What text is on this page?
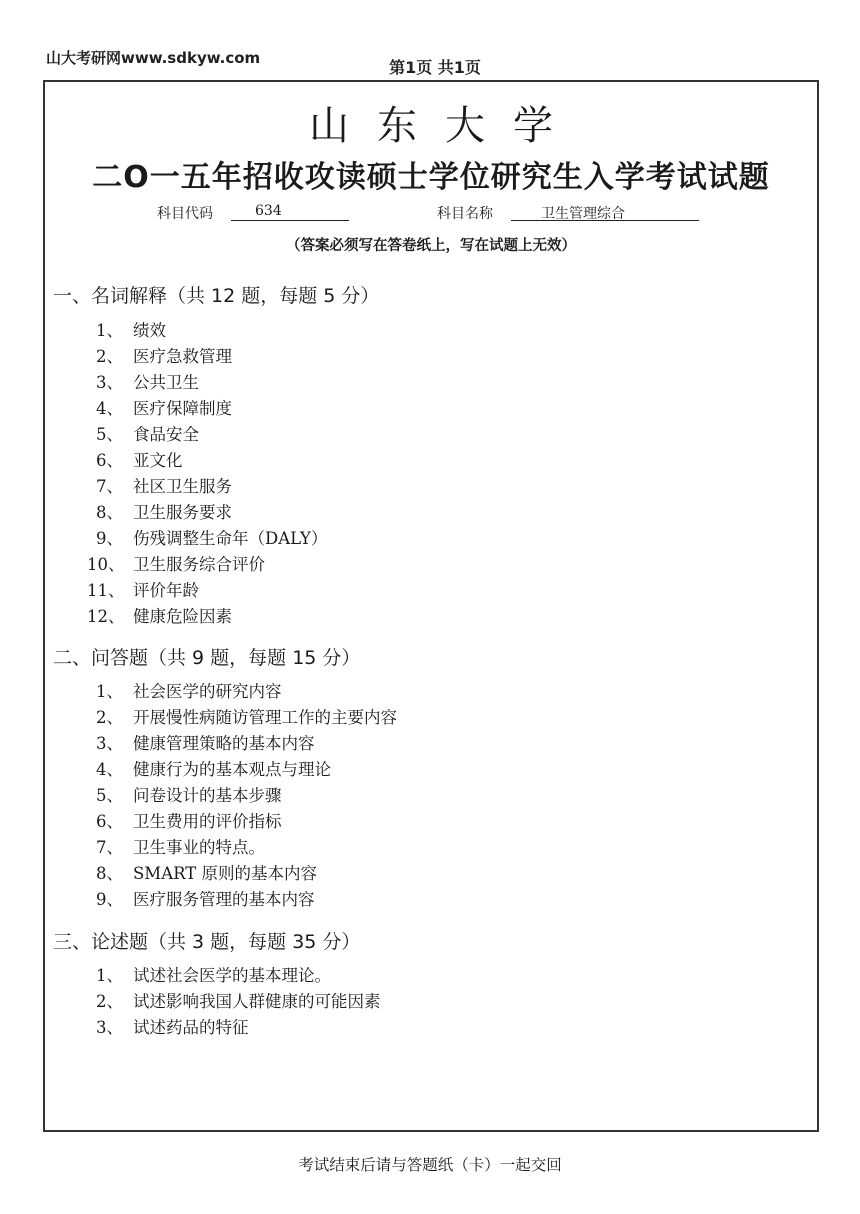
山大考研网www.sdkyw.com	第1页 共1页
山东大学
二O一五年招收攻读硕士学位研究生入学考试试题
科目代码	634	科目名称	卫生管理综合
（答案必须写在答卷纸上，写在试题上无效）
一、名词解释（共 12 题，每题 5 分）
1、 绩效
2、 医疗急救管理
3、 公共卫生
4、 医疗保障制度
5、 食品安全
6、 亚文化
7、 社区卫生服务
8、 卫生服务要求
9、 伤残调整生命年（DALY）
10、 卫生服务综合评价
11、 评价年龄
12、 健康危险因素
二、问答题（共 9 题，每题 15 分）
1、 社会医学的研究内容
2、 开展慢性病随访管理工作的主要内容
3、 健康管理策略的基本内容
4、 健康行为的基本观点与理论
5、 问卷设计的基本步骤
6、 卫生费用的评价指标
7、 卫生事业的特点。
8、 SMART 原则的基本内容
9、 医疗服务管理的基本内容
三、论述题（共 3 题，每题 35 分）
1、 试述社会医学的基本理论。
2、 试述影响我国人群健康的可能因素
3、 试述药品的特征
考试结束后请与答题纸（卡）一起交回
